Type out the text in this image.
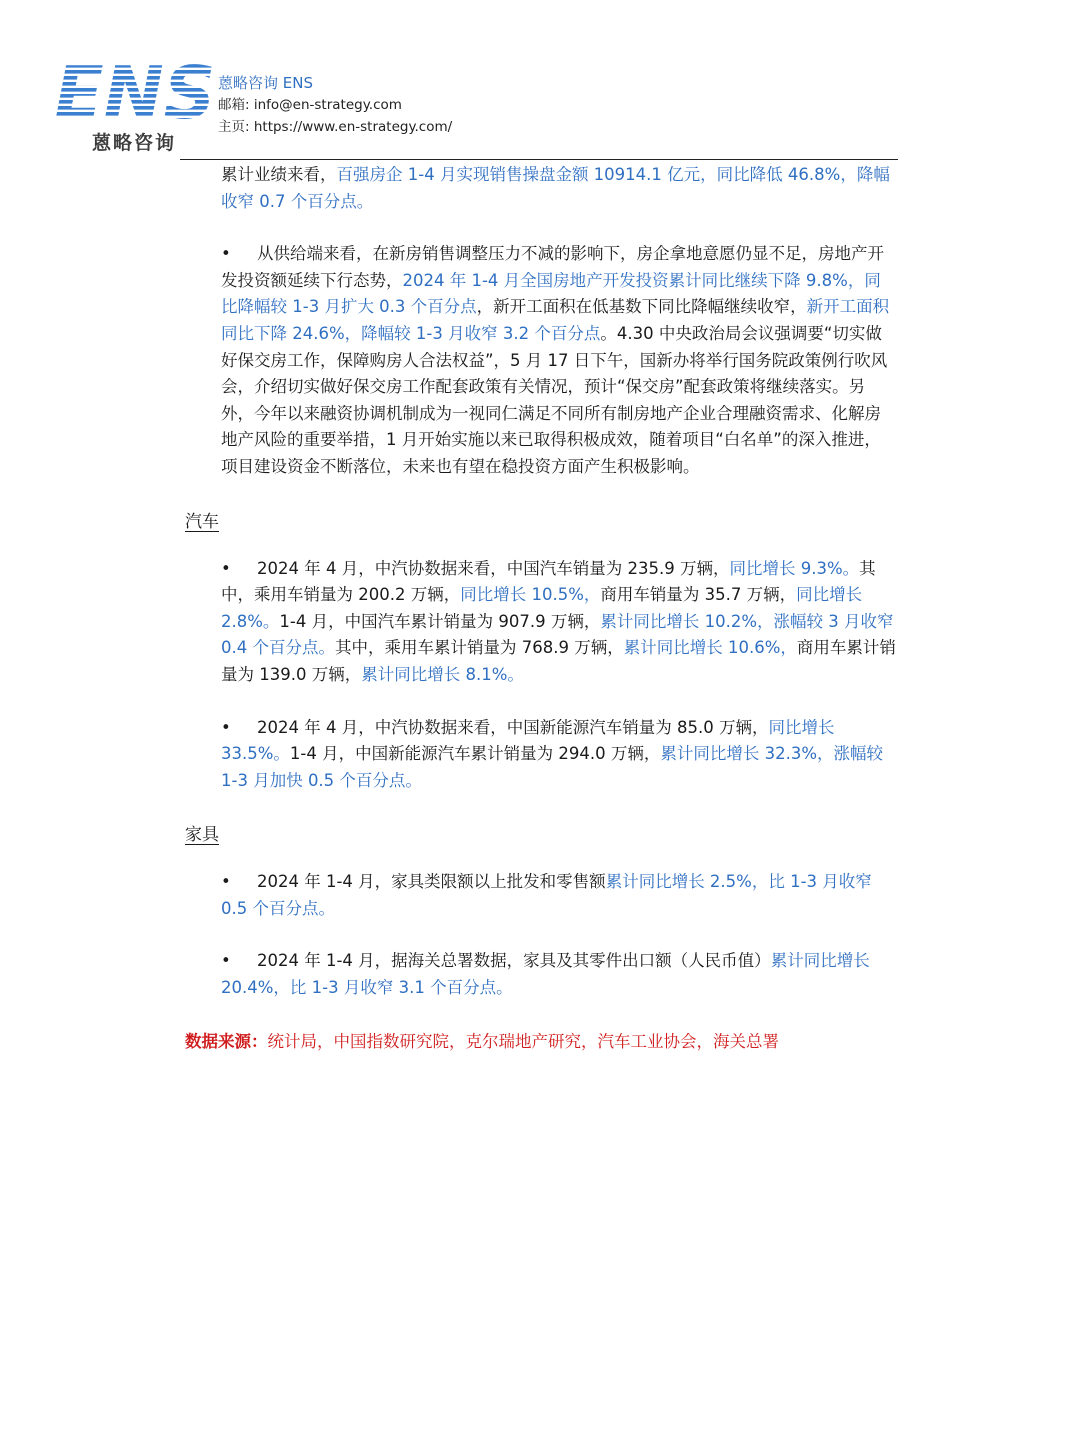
ENS
蒽略咨询
蒽略咨询 ENS
邮箱: info@en-strategy.com
主页: https://www.en-strategy.com/

累计业绩来看，百强房企 1-4 月实现销售操盘金额 10914.1 亿元，同比降低 46.8%，降幅收窄 0.7 个百分点。

• 从供给端来看，在新房销售调整压力不减的影响下，房企拿地意愿仍显不足，房地产开发投资额延续下行态势，2024 年 1-4 月全国房地产开发投资累计同比继续下降 9.8%，同比降幅较 1-3 月扩大 0.3 个百分点，新开工面积在低基数下同比降幅继续收窄，新开工面积同比下降 24.6%，降幅较 1-3 月收窄 3.2 个百分点。4.30 中央政治局会议强调要“切实做好保交房工作，保障购房人合法权益”，5 月 17 日下午，国新办将举行国务院政策例行吹风会，介绍切实做好保交房工作配套政策有关情况，预计“保交房”配套政策将继续落实。另外，今年以来融资协调机制成为一视同仁满足不同所有制房地产企业合理融资需求、化解房地产风险的重要举措，1 月开始实施以来已取得积极成效，随着项目“白名单”的深入推进，项目建设资金不断落位，未来也有望在稳投资方面产生积极影响。

汽车

• 2024 年 4 月，中汽协数据来看，中国汽车销量为 235.9 万辆，同比增长 9.3%。其中，乘用车销量为 200.2 万辆，同比增长 10.5%，商用车销量为 35.7 万辆，同比增长 2.8%。1-4 月，中国汽车累计销量为 907.9 万辆，累计同比增长 10.2%，涨幅较 3 月收窄 0.4 个百分点。其中，乘用车累计销量为 768.9 万辆，累计同比增长 10.6%，商用车累计销量为 139.0 万辆，累计同比增长 8.1%。

• 2024 年 4 月，中汽协数据来看，中国新能源汽车销量为 85.0 万辆，同比增长 33.5%。1-4 月，中国新能源汽车累计销量为 294.0 万辆，累计同比增长 32.3%，涨幅较 1-3 月加快 0.5 个百分点。

家具

• 2024 年 1-4 月，家具类限额以上批发和零售额累计同比增长 2.5%，比 1-3 月收窄 0.5 个百分点。

• 2024 年 1-4 月，据海关总署数据，家具及其零件出口额（人民币值）累计同比增长 20.4%，比 1-3 月收窄 3.1 个百分点。

数据来源：统计局，中国指数研究院，克尔瑞地产研究，汽车工业协会，海关总署
